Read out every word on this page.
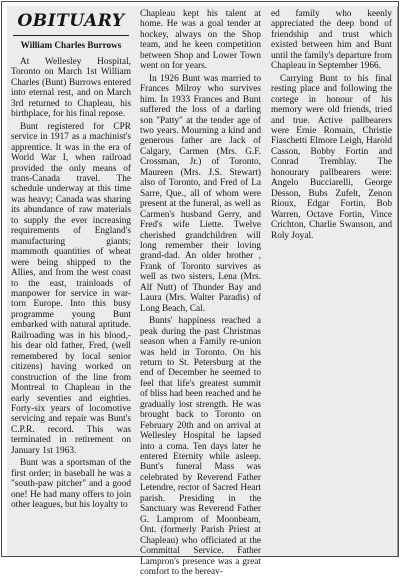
OBITUARY
William Charles Burrows

At Wellesley Hospital, Toronto on March 1st William Charles (Bunt) Burrows entered into eternal rest, and on March 3rd returned to Chapleau, his birthplace, for his final repose.

Bunt registered for CPR service in 1917 as a machinist's apprentice. It was in the era of World War I, when railroad provided the only means of trans-Canada travel. The schedule underway at this time was heavy; Canada was sharing its abundance of raw materials to supply the ever increasing requirements of England's manufacturing giants; mammoth quantities of wheat were being shipped to the Allies, and from the west coast to the east, trainloads of manpower for service in war-torn Europe. Into this busy programme young Bunt embarked with natural aptitude. Railroading was in his blood,- his dear old father, Fred, (well remembered by local senior citizens) having worked on construction of the line from Montreal to Chapleau in the early seventies and eighties. Forty-six years of locomotive servicing and repair was Bunt's C.P.R. record. This was terminated in retirement on January 1st 1963.

Bunt was a sportsman of the first order; in baseball he was a "south-paw pitcher" and a good one! He had many offers to join other leagues, but his loyalty to

Chapleau kept his talent at home. He was a goal tender at hockey, always on the Shop team, and he keen competition between Shop and Lower Town went on for years.

In 1926 Bunt was married to Frances Milroy who survives him. In 1933 Frances and Bunt suffered the loss of a darling son "Patty" at the tender age of two years. Mourning a kind and generous father are Jack of Calgary, Carmen (Mrs. G.F. Crossman, Jr.) of Toronto, Maureen (Mrs. J.S. Stewart) also of Toronto, and Fred of La Sarre, Que., all of whom were present at the funeral, as well as Carmen's husband Gerry, and Fred's wife Liette. Twelve cherished grandchildren will long remember their loving grand-dad. An older brother , Frank of Toronto survives as well as two sisters, Lena (Mrs. Alf Nutt) of Thunder Bay and Laura (Mrs. Walter Paradis) of Long Beach, Cal.

Bunts' happiness reached a peak during the past Christmas season when a Family re-union was held in Toronto. On his return to St. Petersburg at the end of December he seemed to feel that life's greatest summit of bliss had been reached and he gradually lost strength. He was brought back to Toronto on February 20th and on arrival at Wellesley Hospital he lapsed into a coma. Ten days later he entered Eternity while asleep. Bunt's funeral Mass was celebrated by Reverend Father Letendre, rector of Sacred Heart parish. Presiding in the Sanctuary was Reverend Father G. Lamprom of Moonbeam, Ont. (formerly Parish Priest at Chapleau) who officiated at the Committal Service. Father Lampron's presence was a great comfort to the bereav-

ed family who keenly appreciated the deep bond of friendship and trust which existed between him and Bunt until the family's departure from Chapleau in September 1966.

Carrying Bunt to his final resting place and following the cortege in honour of his memory were old friends, tried and true. Active pallbearers were Ernie Romain, Christie Fiaschetti Elmore Leigh, Harold Casson, Bobby Fortin and Conrad Tremblay. The honourary pallbearers were: Angelo Bucciarelli, George Desson, Bubs Zufelt, Zenon Rioux, Edgar Fortin, Bob Warren, Octave Fortin, Vince Crichton, Charlie Swanson, and Roly Joyal.
